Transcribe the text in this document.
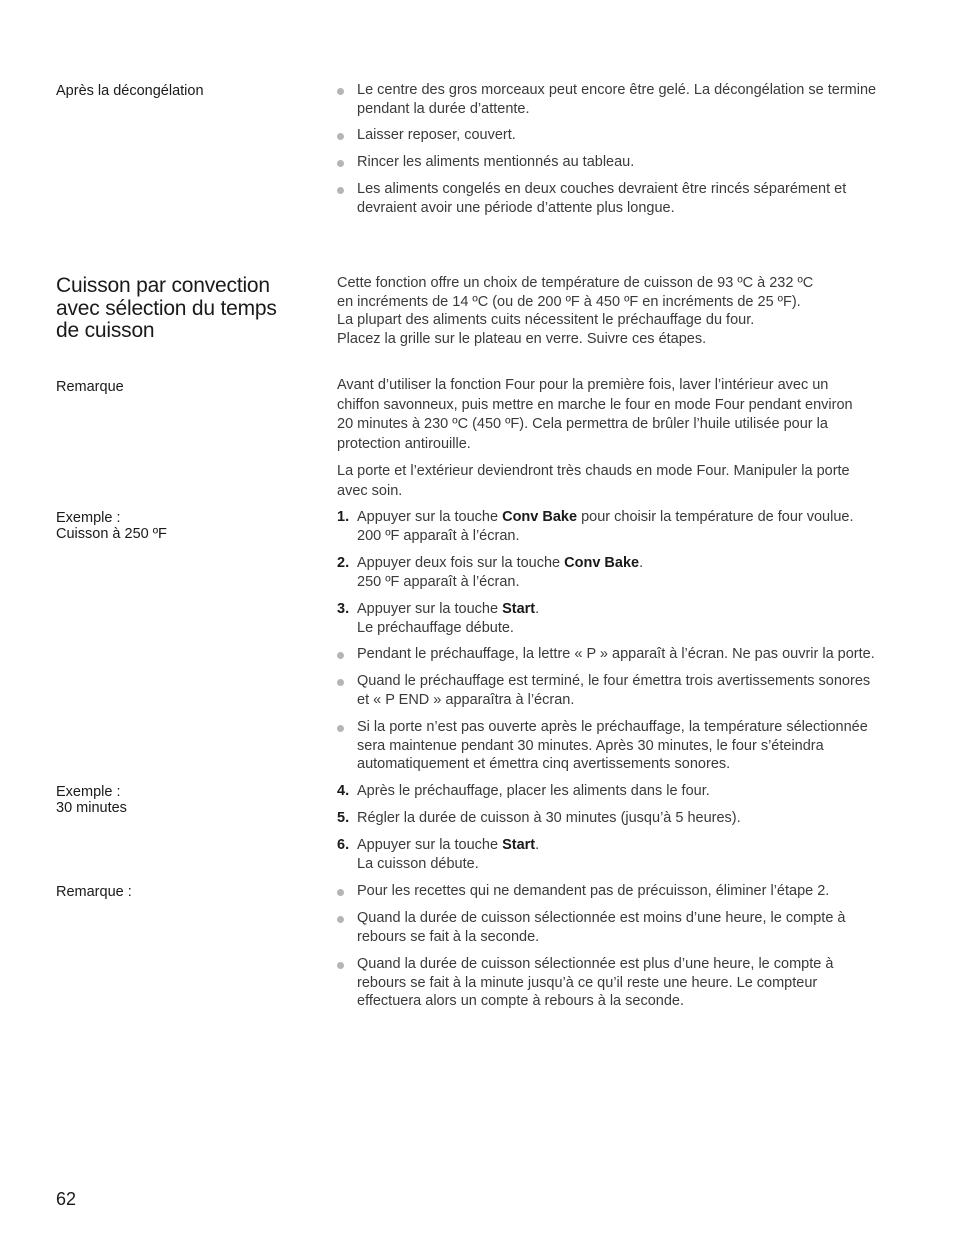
Après la décongélation
Cuisson par convection
avec sélection du temps
de cuisson
Remarque
Exemple :
Cuisson à 250 ºF
Exemple :
30 minutes
Remarque :
Le centre des gros morceaux peut encore être gelé. La décongélation se termine
pendant la durée d’attente.
Laisser reposer, couvert.
Rincer les aliments mentionnés au tableau.
Les aliments congelés en deux couches devraient être rincés séparément et
devraient avoir une période d’attente plus longue.
Cette fonction offre un choix de température de cuisson de 93 ºC à 232 ºC
en incréments de 14 ºC (ou de 200 ºF à 450 ºF en incréments de 25 ºF).
La plupart des aliments cuits nécessitent le préchauffage du four.
Placez la grille sur le plateau en verre. Suivre ces étapes.
Avant d’utiliser la fonction Four pour la première fois, laver l’intérieur avec un
chiffon savonneux, puis mettre en marche le four en mode Four pendant environ
20 minutes à 230 ºC (450 ºF). Cela permettra de brûler l’huile utilisée pour la
protection antirouille.
La porte et l’extérieur deviendront très chauds en mode Four. Manipuler la porte
avec soin.
1. Appuyer sur la touche Conv Bake pour choisir la température de four voulue.
200 ºF apparaît à l’écran.
2. Appuyer deux fois sur la touche Conv Bake.
250 ºF apparaît à l’écran.
3. Appuyer sur la touche Start.
Le préchauffage débute.
Pendant le préchauffage, la lettre « P » apparaît à l’écran. Ne pas ouvrir la porte.
Quand le préchauffage est terminé, le four émettra trois avertissements sonores
et « P END » apparaîtra à l’écran.
Si la porte n’est pas ouverte après le préchauffage, la température sélectionnée
sera maintenue pendant 30 minutes. Après 30 minutes, le four s’éteindra
automatiquement et émettra cinq avertissements sonores.
4. Après le préchauffage, placer les aliments dans le four.
5. Régler la durée de cuisson à 30 minutes (jusqu’à 5 heures).
6. Appuyer sur la touche Start.
La cuisson débute.
Pour les recettes qui ne demandent pas de précuisson, éliminer l’étape 2.
Quand la durée de cuisson sélectionnée est moins d’une heure, le compte à
rebours se fait à la seconde.
Quand la durée de cuisson sélectionnée est plus d’une heure, le compte à
rebours se fait à la minute jusqu’à ce qu’il reste une heure. Le compteur
effectuera alors un compte à rebours à la seconde.
62
